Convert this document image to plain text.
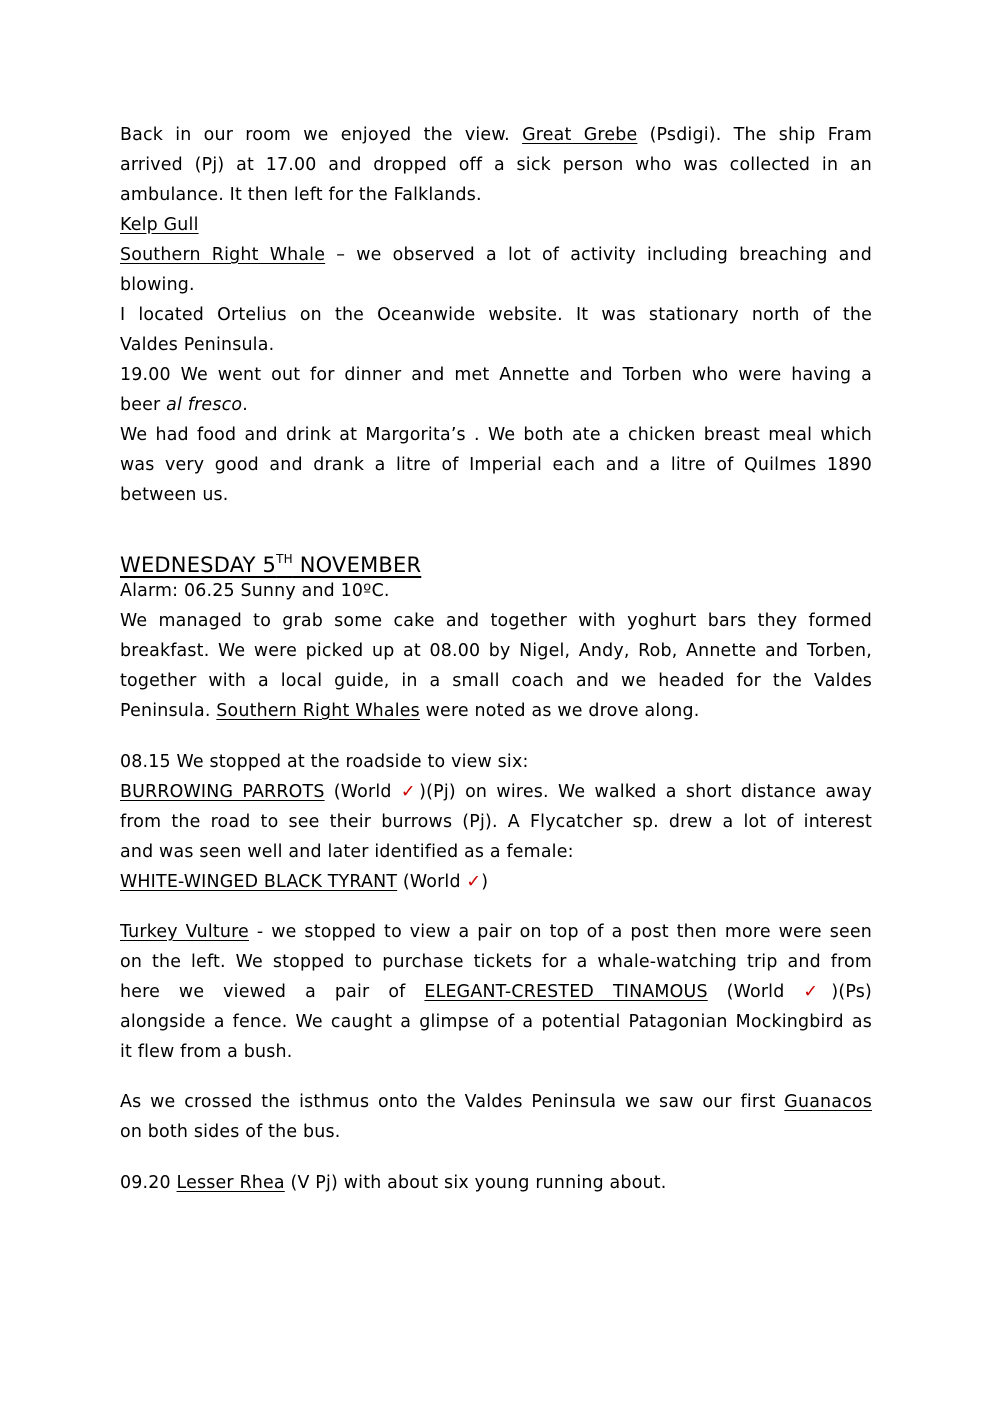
Back in our room we enjoyed the view. Great Grebe (Psdigi). The ship Fram
arrived (Pj) at 17.00 and dropped off a sick person who was collected in an
ambulance. It then left for the Falklands.
Kelp Gull
Southern Right Whale – we observed a lot of activity including breaching and
blowing.
I located Ortelius on the Oceanwide website. It was stationary north of the
Valdes Peninsula.
19.00 We went out for dinner and met Annette and Torben who were having a
beer al fresco.
We had food and drink at Margorita’s . We both ate a chicken breast meal which
was very good and drank a litre of Imperial each and a litre of Quilmes 1890
between us.
WEDNESDAY 5TH NOVEMBER
Alarm: 06.25 Sunny and 10ºC.
We managed to grab some cake and together with yoghurt bars they formed
breakfast. We were picked up at 08.00 by Nigel, Andy, Rob, Annette and Torben,
together with a local guide, in a small coach and we headed for the Valdes
Peninsula. Southern Right Whales were noted as we drove along.
08.15 We stopped at the roadside to view six:
BURROWING PARROTS (World ✓)(Pj) on wires. We walked a short distance away
from the road to see their burrows (Pj). A Flycatcher sp. drew a lot of interest
and was seen well and later identified as a female:
WHITE-WINGED BLACK TYRANT (World ✓)
Turkey Vulture - we stopped to view a pair on top of a post then more were seen
on the left. We stopped to purchase tickets for a whale-watching trip and from
here we viewed a pair of ELEGANT-CRESTED TINAMOUS (World ✓)(Ps)
alongside a fence. We caught a glimpse of a potential Patagonian Mockingbird as
it flew from a bush.
As we crossed the isthmus onto the Valdes Peninsula we saw our first Guanacos
on both sides of the bus.
09.20 Lesser Rhea (V Pj) with about six young running about.
